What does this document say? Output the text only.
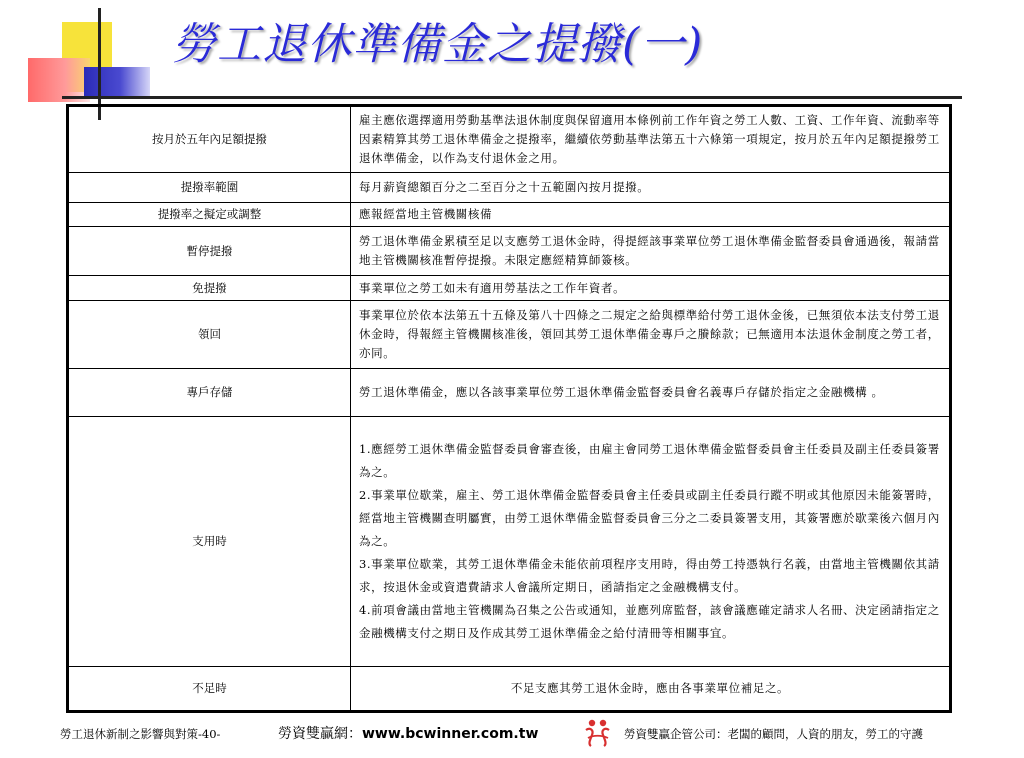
勞工退休準備金之提撥(一)
按月於五年內足額提撥	雇主應依選擇適用勞動基準法退休制度與保留適用本條例前工作年資之勞工人數、工資、工作年資、流動率等因素精算其勞工退休準備金之提撥率，繼續依勞動基準法第五十六條第一項規定，按月於五年內足額提撥勞工退休準備金，以作為支付退休金之用。
提撥率範圍	每月薪資總額百分之二至百分之十五範圍內按月提撥。
提撥率之擬定或調整	應報經當地主管機關核備
暫停提撥	勞工退休準備金累積至足以支應勞工退休金時，得提經該事業單位勞工退休準備金監督委員會通過後，報請當地主管機關核准暫停提撥。未限定應經精算師簽核。
免提撥	事業單位之勞工如未有適用勞基法之工作年資者。
領回	事業單位於依本法第五十五條及第八十四條之二規定之給與標準給付勞工退休金後，已無須依本法支付勞工退休金時，得報經主管機關核准後，領回其勞工退休準備金專戶之賸餘款；已無適用本法退休金制度之勞工者，亦同。
專戶存儲	勞工退休準備金，應以各該事業單位勞工退休準備金監督委員會名義專戶存儲於指定之金融機構 。
支用時	1.應經勞工退休準備金監督委員會審查後，由雇主會同勞工退休準備金監督委員會主任委員及副主任委員簽署為之。

2.事業單位歇業，雇主、勞工退休準備金監督委員會主任委員或副主任委員行蹤不明或其他原因未能簽署時，經當地主管機關查明屬實，由勞工退休準備金監督委員會三分之二委員簽署支用，其簽署應於歇業後六個月內為之。

3.事業單位歇業，其勞工退休準備金未能依前項程序支用時，得由勞工持憑執行名義，由當地主管機關依其請求，按退休金或資遣費請求人會議所定期日，函請指定之金融機構支付。

4.前項會議由當地主管機關為召集之公告或通知，並應列席監督，該會議應確定請求人名冊、決定函請指定之金融機構支付之期日及作成其勞工退休準備金之給付清冊等相關事宜。

不足時	不足支應其勞工退休金時，應由各事業單位補足之。
勞工退休新制之影響與對策-40-	勞資雙贏網：www.bcwinner.com.tw	勞資雙贏企管公司：老闆的顧問，人資的朋友，勞工的守護
